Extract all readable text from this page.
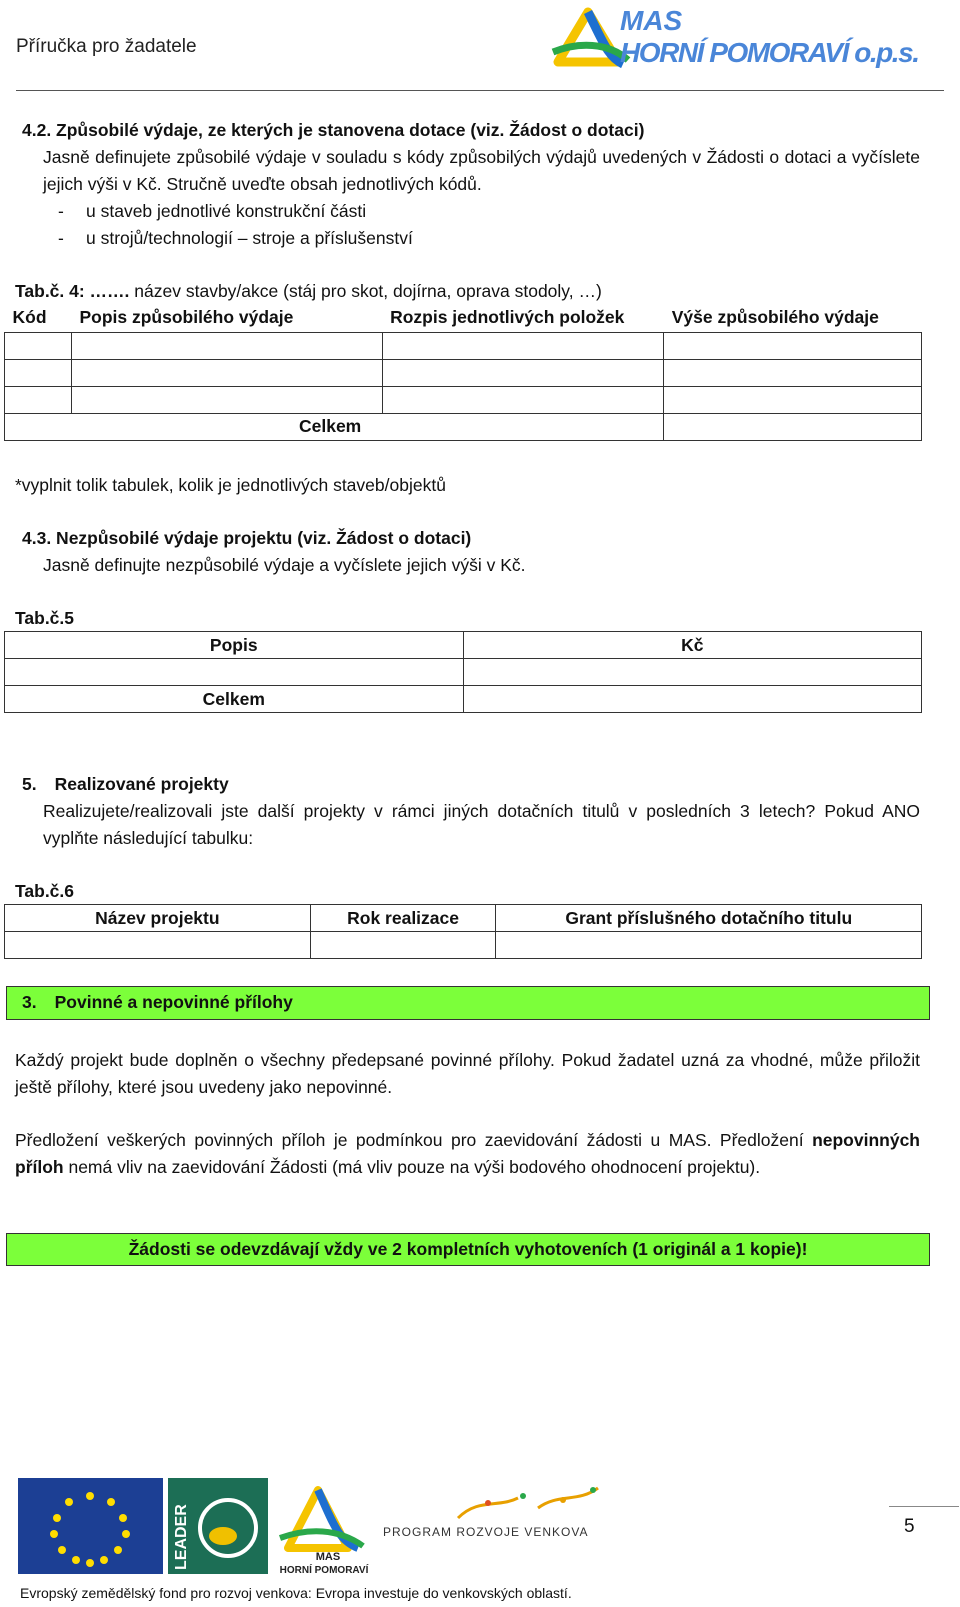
Příručka pro žadatele
MAS
HORNÍ POMORAVÍ o.p.s.
4.2. Způsobilé výdaje, ze kterých je stanovena dotace (viz. Žádost o dotaci)
Jasně definujete způsobilé výdaje v souladu s kódy způsobilých výdajů uvedených v Žádosti o dotaci a vyčíslete jejich výši v Kč. Stručně uveďte obsah jednotlivých kódů.
- u staveb jednotlivé konstrukční části
- u strojů/technologií – stroje a příslušenství
Tab.č. 4: ……. název stavby/akce (stáj pro skot, dojírna, oprava stodoly, …)
Kód	Popis způsobilého výdaje	Rozpis jednotlivých položek	Výše způsobilého výdaje

Celkem			
*vyplnit tolik tabulek, kolik je jednotlivých staveb/objektů
4.3. Nezpůsobilé výdaje projektu (viz. Žádost o dotaci)
Jasně definujte nezpůsobilé výdaje a vyčíslete jejich výši v Kč.
Tab.č.5
Popis	Kč

Celkem	
5. Realizované projekty
Realizujete/realizovali jste další projekty v rámci jiných dotačních titulů v posledních 3 letech? Pokud ANO vyplňte následující tabulku:
Tab.č.6
Název projektu	Rok realizace	Grant příslušného dotačního titulu

3. Povinné a nepovinné přílohy
Každý projekt bude doplněn o všechny předepsané povinné přílohy. Pokud žadatel uzná za vhodné, může přiložit ještě přílohy, které jsou uvedeny jako nepovinné.
Předložení veškerých povinných příloh je podmínkou pro zaevidování žádosti u MAS. Předložení nepovinných příloh nemá vliv na zaevidování Žádosti (má vliv pouze na výši bodového ohodnocení projektu).
Žádosti se odevzdávají vždy ve 2 kompletních vyhotoveních (1 originál a 1 kopie)!
LEADER	MAS
HORNÍ POMORAVÍ
PROGRAM ROZVOJE VENKOVA	5
Evropský zemědělský fond pro rozvoj venkova: Evropa investuje do venkovských oblastí.
